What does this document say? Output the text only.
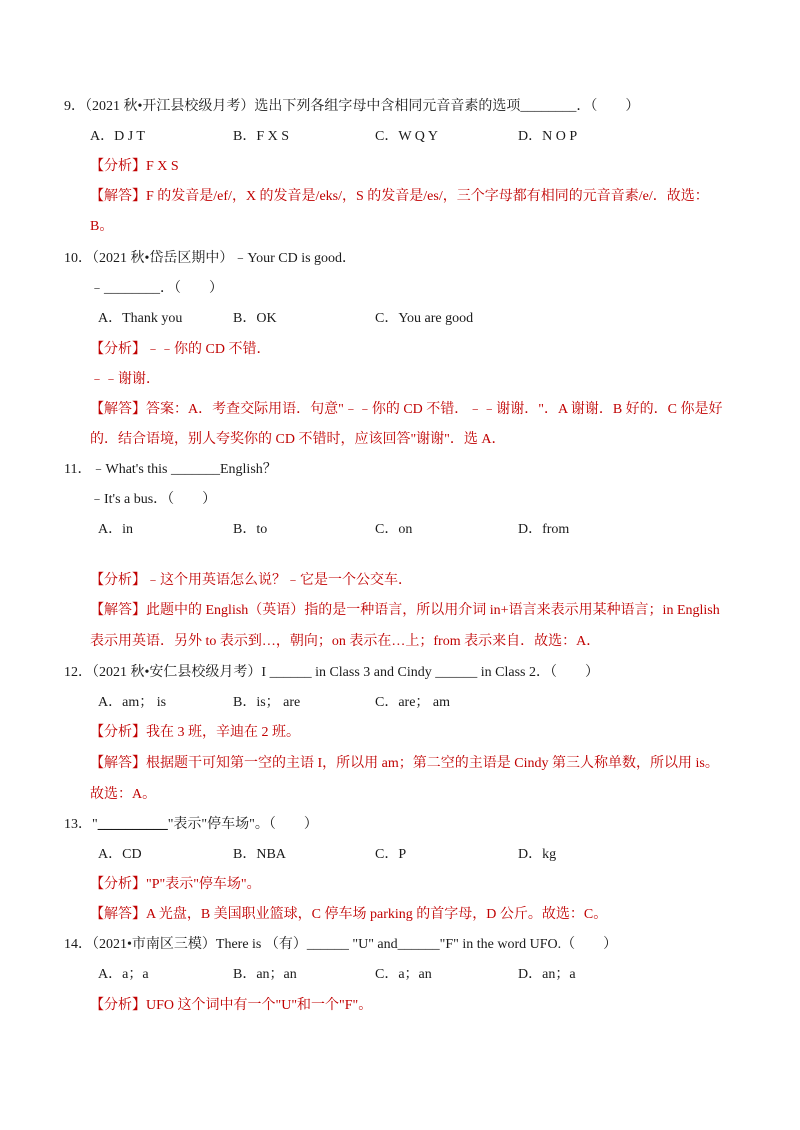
9．（2021 秋•开江县校级月考）选出下列各组字母中含相同元音音素的选项________．（　　）
A．D J T	B．F X S	C．W Q Y	D．N O P
【分析】F X S
【解答】F 的发音是/ef/，X 的发音是/eks/，S 的发音是/es/，三个字母都有相同的元音音素/e/．故选：
B。
10．（2021 秋•岱岳区期中）﹣Your CD is good．
﹣________．（　　）
A．Thank you	B．OK	C．You are good
【分析】﹣﹣你的 CD 不错．
﹣﹣谢谢．
【解答】答案：A．考查交际用语．句意"﹣﹣你的 CD 不错．﹣﹣谢谢．"．A 谢谢．B 好的．C 你是好
的．结合语境，别人夸奖你的 CD 不错时，应该回答"谢谢"．选 A．
11．﹣What's this _______English？
﹣It's a bus．（　　）
A．in	B．to	C．on	D．from
【分析】﹣这个用英语怎么说？﹣它是一个公交车．
【解答】此题中的 English（英语）指的是一种语言，所以用介词 in+语言来表示用某种语言；in English
表示用英语．另外 to 表示到…，朝向；on 表示在…上；from 表示来自．故选：A．
12．（2021 秋•安仁县校级月考）I ______ in Class 3 and Cindy ______ in Class 2．（　　）
A．am； is	B．is； are	C．are； am
【分析】我在 3 班，辛迪在 2 班。
【解答】根据题干可知第一空的主语 I，所以用 am；第二空的主语是 Cindy 第三人称单数，所以用 is。
故选：A。
13．"__________"表示"停车场"。（　　）
A．CD	B．NBA	C．P	D．kg
【分析】"P"表示"停车场"。
【解答】A 光盘，B 美国职业篮球，C 停车场 parking 的首字母，D 公斤。故选：C。
14．（2021•市南区三模）There is （有）______ "U" and______"F" in the word UFO.（　　）
A．a；a	B．an；an	C．a；an	D．an；a
【分析】UFO 这个词中有一个"U"和一个"F"。
